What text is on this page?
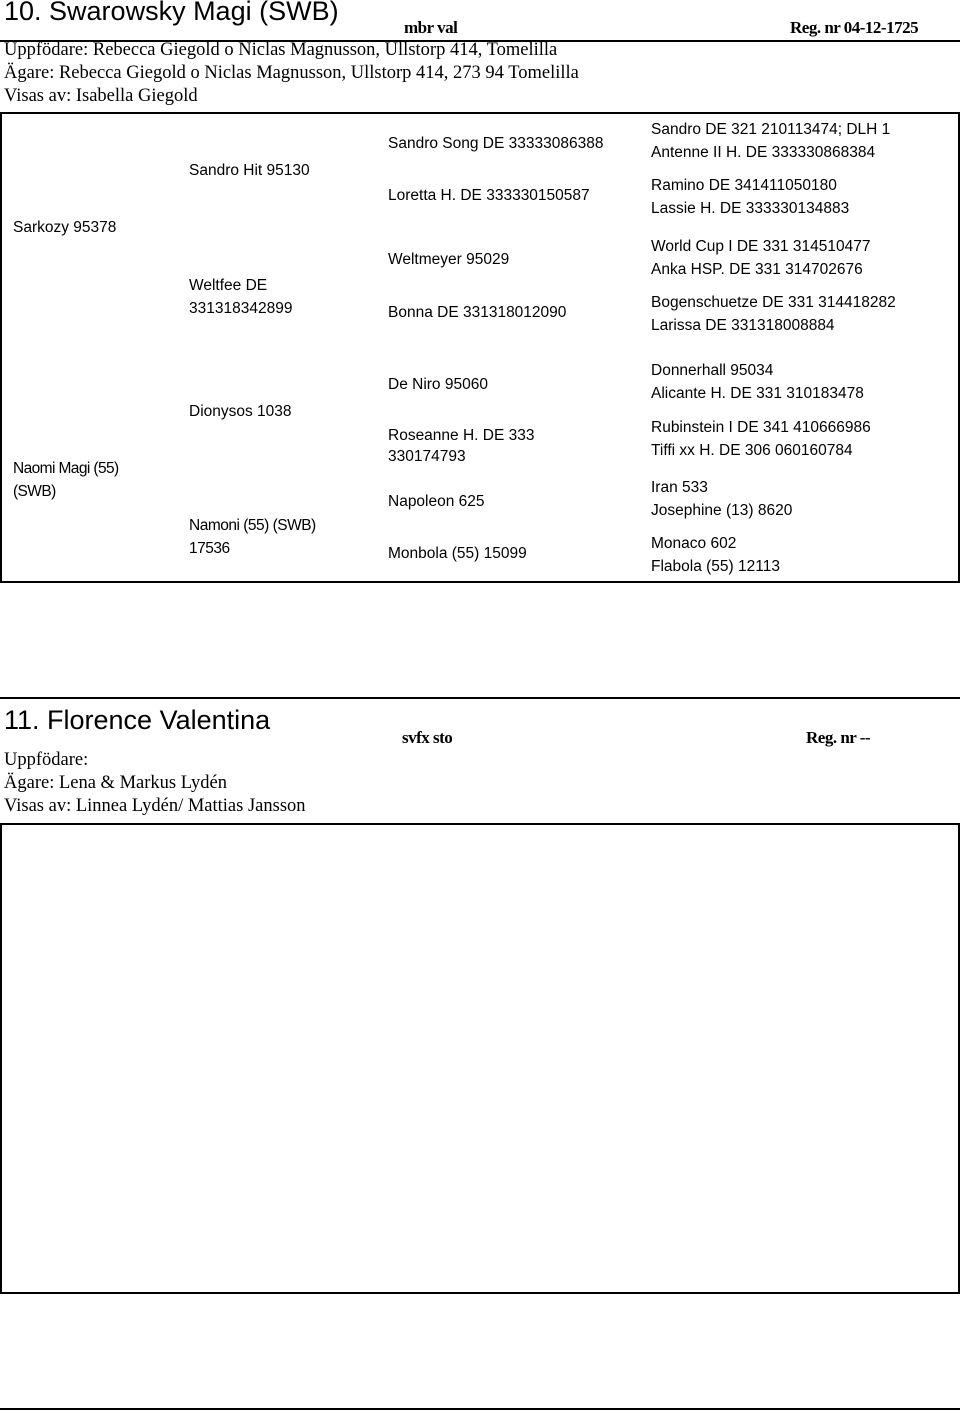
10. Swarowsky Magi (SWB)
mbr val	Reg. nr 04-12-1725
Uppfödare: Rebecca Giegold o Niclas Magnusson, Ullstorp 414, Tomelilla
Ägare: Rebecca Giegold o Niclas Magnusson, Ullstorp 414, 273 94 Tomelilla
Visas av: Isabella Giegold
Sarkozy 95378
Sandro Hit 95130
Weltfee DE
331318342899
Sandro Song DE 33333086388
Loretta H. DE 333330150587
Weltmeyer 95029
Bonna DE 331318012090
Sandro DE 321 210113474; DLH 1
Antenne II H. DE 333330868384
Ramino DE 341411050180
Lassie H. DE 333330134883
World Cup I DE 331 314510477
Anka HSP. DE 331 314702676
Bogenschuetze DE 331 314418282
Larissa DE 331318008884
Naomi Magi (55)
(SWB)
Dionysos 1038
Namoni (55) (SWB)
17536
De Niro 95060
Roseanne H. DE 333
330174793
Napoleon 625
Monbola (55) 15099
Donnerhall 95034
Alicante H. DE 331 310183478
Rubinstein I DE 341 410666986
Tiffi xx H. DE 306 060160784
Iran 533
Josephine (13) 8620
Monaco 602
Flabola (55) 12113
11. Florence Valentina
svfx sto	Reg. nr --
Uppfödare:
Ägare: Lena & Markus Lydén
Visas av: Linnea Lydén/ Mattias Jansson
